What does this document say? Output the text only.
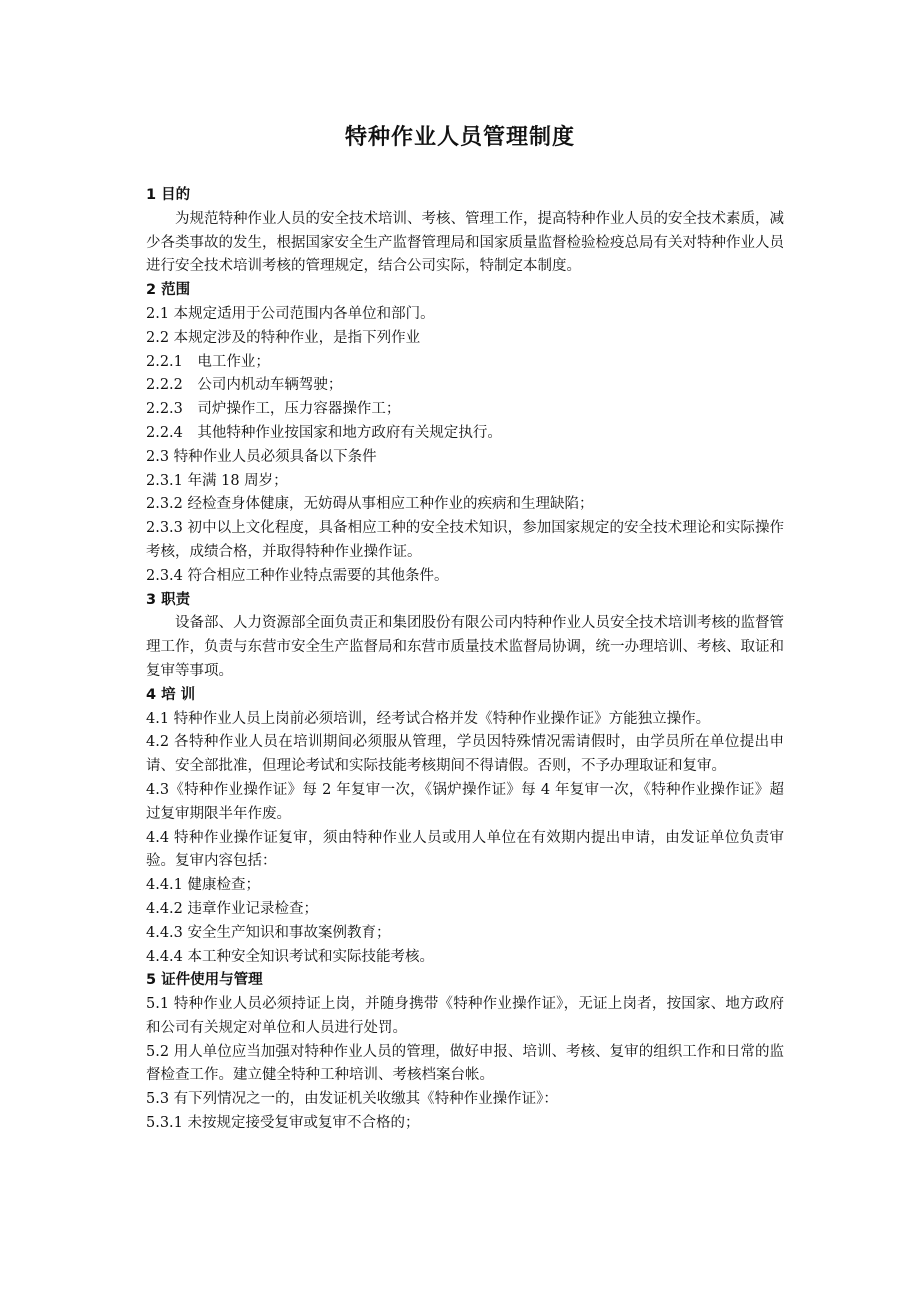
特种作业人员管理制度

1 目的

为规范特种作业人员的安全技术培训、考核、管理工作，提高特种作业人员的安全技术素质，减少各类事故的发生，根据国家安全生产监督管理局和国家质量监督检验检疫总局有关对特种作业人员进行安全技术培训考核的管理规定，结合公司实际，特制定本制度。

2 范围

2.1 本规定适用于公司范围内各单位和部门。

2.2 本规定涉及的特种作业，是指下列作业

2.2.1　电工作业；

2.2.2　公司内机动车辆驾驶；

2.2.3　司炉操作工，压力容器操作工；

2.2.4　其他特种作业按国家和地方政府有关规定执行。

2.3 特种作业人员必须具备以下条件

2.3.1 年满 18 周岁；

2.3.2 经检查身体健康，无妨碍从事相应工种作业的疾病和生理缺陷；

2.3.3 初中以上文化程度，具备相应工种的安全技术知识，参加国家规定的安全技术理论和实际操作考核，成绩合格，并取得特种作业操作证。

2.3.4 符合相应工种作业特点需要的其他条件。

3 职责

设备部、人力资源部全面负责正和集团股份有限公司内特种作业人员安全技术培训考核的监督管理工作，负责与东营市安全生产监督局和东营市质量技术监督局协调，统一办理培训、考核、取证和复审等事项。

4 培 训

4.1 特种作业人员上岗前必须培训，经考试合格并发《特种作业操作证》方能独立操作。

4.2 各特种作业人员在培训期间必须服从管理，学员因特殊情况需请假时，由学员所在单位提出申请、安全部批准，但理论考试和实际技能考核期间不得请假。否则，不予办理取证和复审。

4.3《特种作业操作证》每 2 年复审一次，《锅炉操作证》每 4 年复审一次，《特种作业操作证》超过复审期限半年作废。

4.4 特种作业操作证复审，须由特种作业人员或用人单位在有效期内提出申请，由发证单位负责审验。复审内容包括：

4.4.1 健康检查；

4.4.2 违章作业记录检查；

4.4.3 安全生产知识和事故案例教育；

4.4.4 本工种安全知识考试和实际技能考核。

5 证件使用与管理

5.1 特种作业人员必须持证上岗，并随身携带《特种作业操作证》，无证上岗者，按国家、地方政府和公司有关规定对单位和人员进行处罚。

5.2 用人单位应当加强对特种作业人员的管理，做好申报、培训、考核、复审的组织工作和日常的监督检查工作。建立健全特种工种培训、考核档案台帐。

5.3 有下列情况之一的，由发证机关收缴其《特种作业操作证》：

5.3.1 未按规定接受复审或复审不合格的；
